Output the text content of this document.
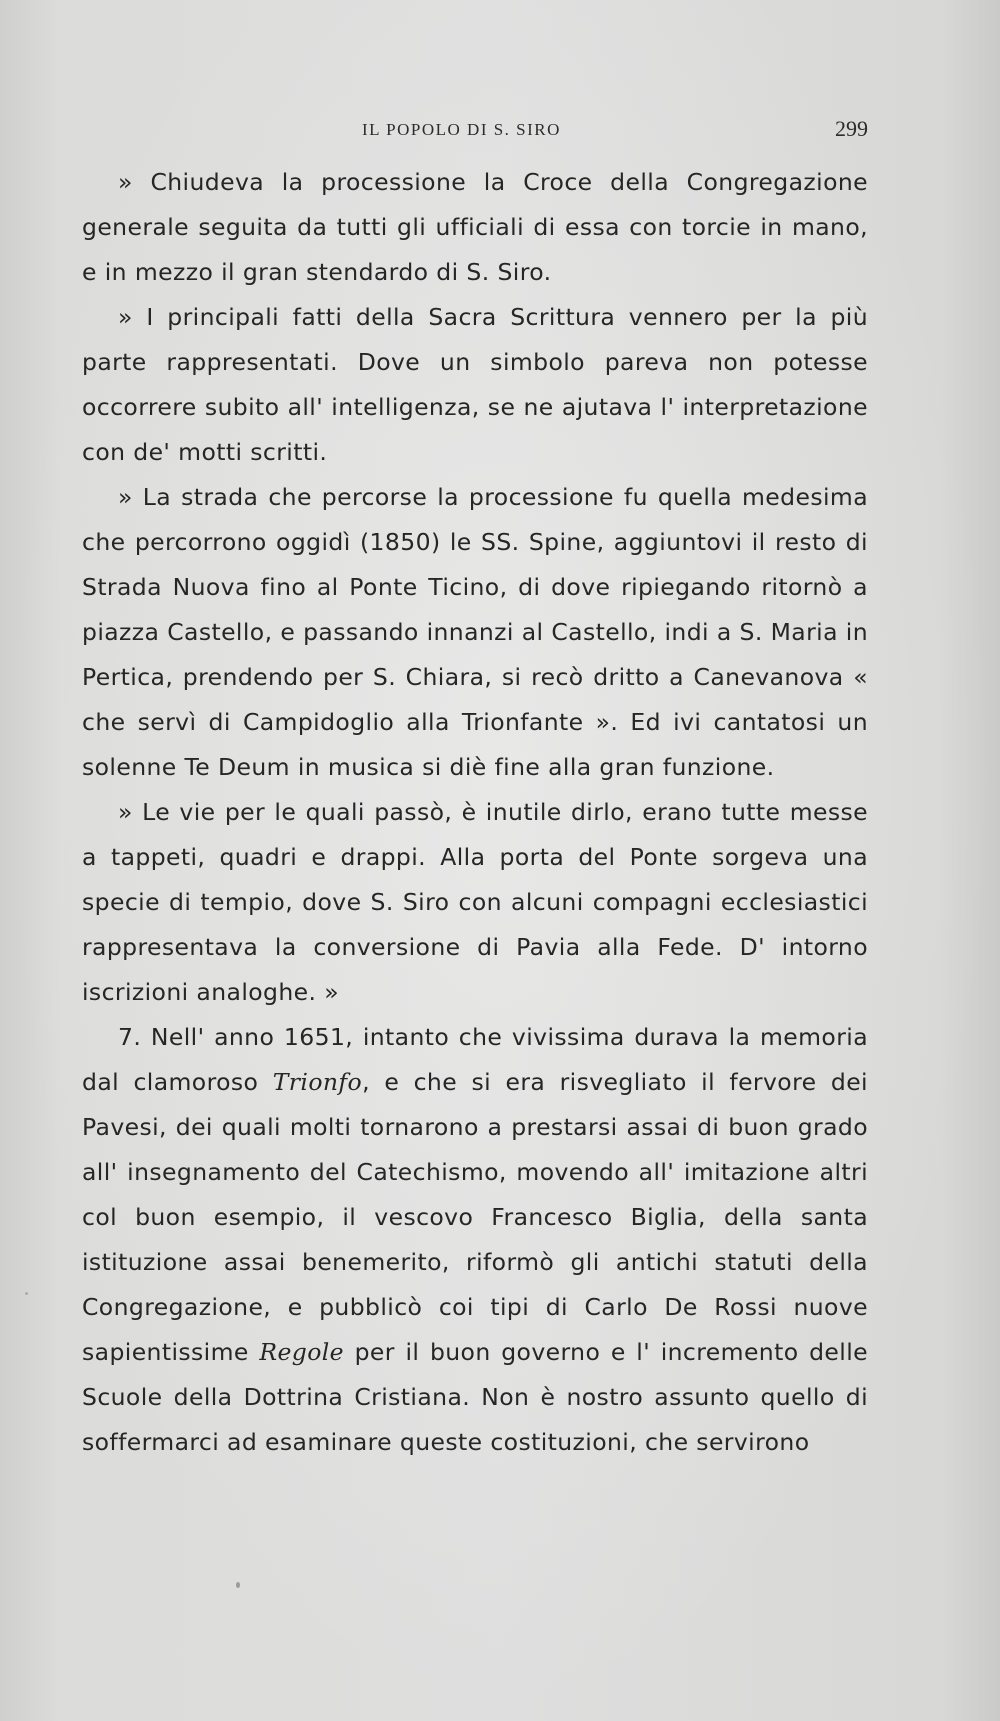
IL POPOLO DI S. SIRO	299

» Chiudeva la processione la Croce della Congregazione generale seguita da tutti gli ufficiali di essa con torcie in mano, e in mezzo il gran stendardo di S. Siro.

» I principali fatti della Sacra Scrittura vennero per la più parte rappresentati. Dove un simbolo pareva non potesse occorrere subito all' intelligenza, se ne ajutava l' interpretazione con de' motti scritti.

» La strada che percorse la processione fu quella medesima che percorrono oggidì (1850) le SS. Spine, aggiuntovi il resto di Strada Nuova fino al Ponte Ticino, di dove ripiegando ritornò a piazza Castello, e passando innanzi al Castello, indi a S. Maria in Pertica, prendendo per S. Chiara, si recò dritto a Canevanova « che servì di Campidoglio alla Trionfante ». Ed ivi cantatosi un solenne Te Deum in musica si diè fine alla gran funzione.

» Le vie per le quali passò, è inutile dirlo, erano tutte messe a tappeti, quadri e drappi. Alla porta del Ponte sorgeva una specie di tempio, dove S. Siro con alcuni compagni ecclesiastici rappresentava la conversione di Pavia alla Fede. D' intorno iscrizioni analoghe. »

7. Nell' anno 1651, intanto che vivissima durava la memoria dal clamoroso Trionfo, e che si era risvegliato il fervore dei Pavesi, dei quali molti tornarono a prestarsi assai di buon grado all' insegnamento del Catechismo, movendo all' imitazione altri col buon esempio, il vescovo Francesco Biglia, della santa istituzione assai benemerito, riformò gli antichi statuti della Congregazione, e pubblicò coi tipi di Carlo De Rossi nuove sapientissime Regole per il buon governo e l' incremento delle Scuole della Dottrina Cristiana. Non è nostro assunto quello di soffermarci ad esaminare queste costituzioni, che servirono
